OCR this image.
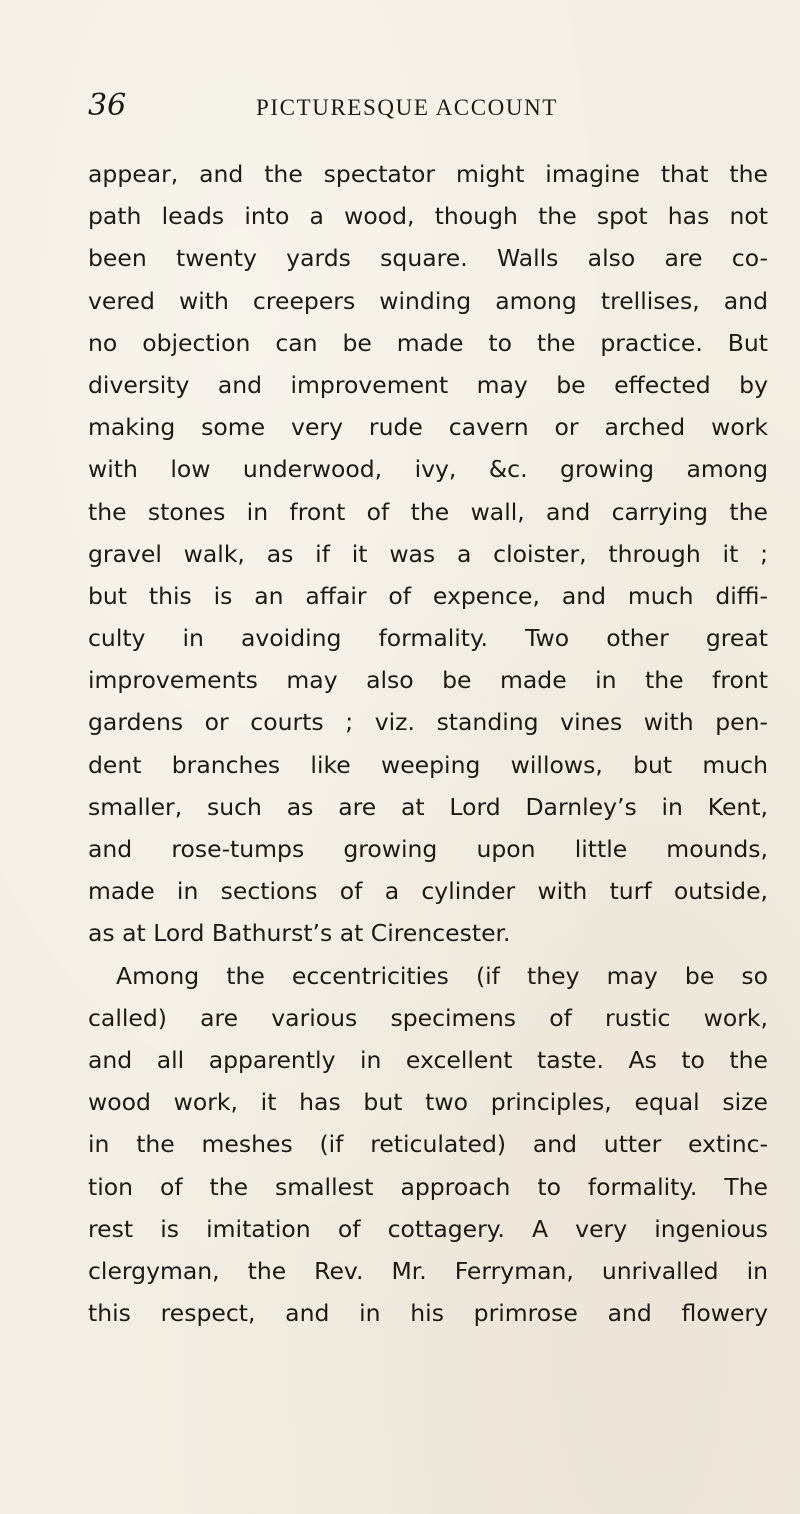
36	PICTURESQUE ACCOUNT
appear, and the spectator might imagine that the
path leads into a wood, though the spot has not
been twenty yards square. Walls also are co-
vered with creepers winding among trellises, and
no objection can be made to the practice. But
diversity and improvement may be effected by
making some very rude cavern or arched work
with low underwood, ivy, &c. growing among
the stones in front of the wall, and carrying the
gravel walk, as if it was a cloister, through it ;
but this is an affair of expence, and much diffi-
culty in avoiding formality. Two other great
improvements may also be made in the front
gardens or courts ; viz. standing vines with pen-
dent branches like weeping willows, but much
smaller, such as are at Lord Darnley’s in Kent,
and rose-tumps growing upon little mounds,
made in sections of a cylinder with turf outside,
as at Lord Bathurst’s at Cirencester.
Among the eccentricities (if they may be so
called) are various specimens of rustic work,
and all apparently in excellent taste. As to the
wood work, it has but two principles, equal size
in the meshes (if reticulated) and utter extinc-
tion of the smallest approach to formality. The
rest is imitation of cottagery. A very ingenious
clergyman, the Rev. Mr. Ferryman, unrivalled in
this respect, and in his primrose and flowery
